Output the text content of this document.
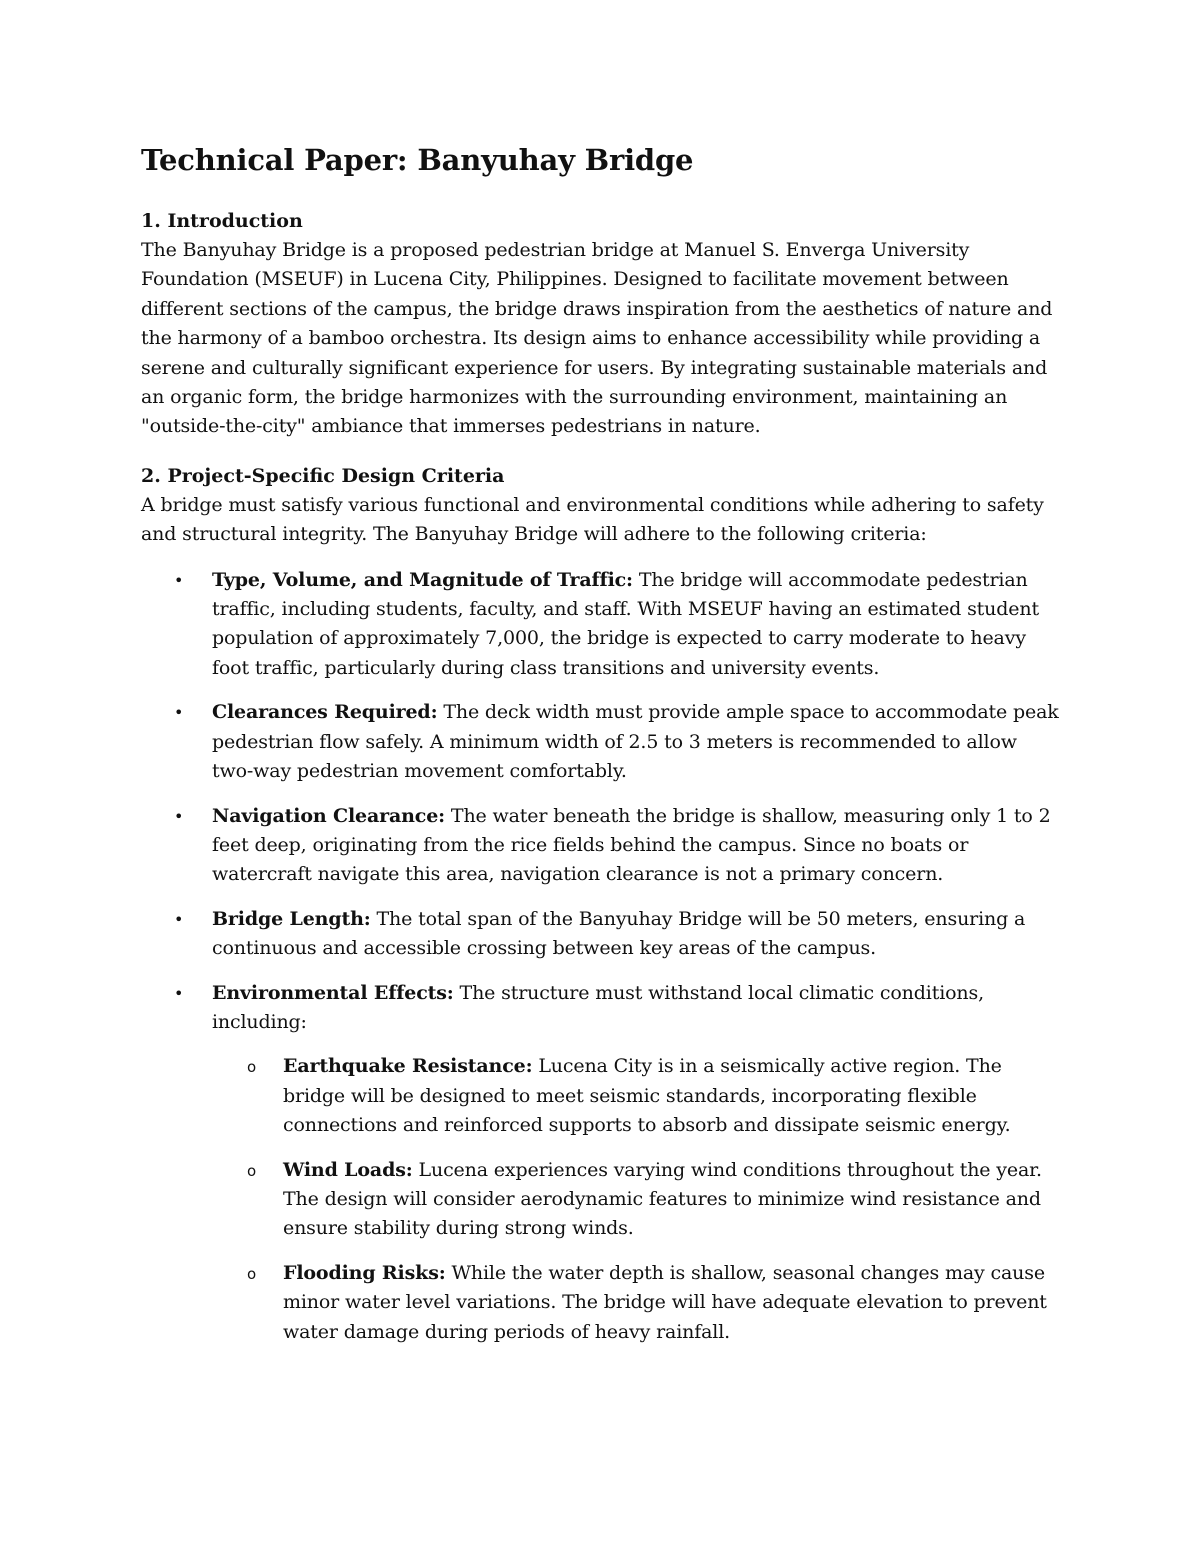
Technical Paper: Banyuhay Bridge

1. Introduction

The Banyuhay Bridge is a proposed pedestrian bridge at Manuel S. Enverga University Foundation (MSEUF) in Lucena City, Philippines. Designed to facilitate movement between different sections of the campus, the bridge draws inspiration from the aesthetics of nature and the harmony of a bamboo orchestra. Its design aims to enhance accessibility while providing a serene and culturally significant experience for users. By integrating sustainable materials and an organic form, the bridge harmonizes with the surrounding environment, maintaining an "outside-the-city" ambiance that immerses pedestrians in nature.

2. Project-Specific Design Criteria

A bridge must satisfy various functional and environmental conditions while adhering to safety and structural integrity. The Banyuhay Bridge will adhere to the following criteria:

• Type, Volume, and Magnitude of Traffic: The bridge will accommodate pedestrian traffic, including students, faculty, and staff. With MSEUF having an estimated student population of approximately 7,000, the bridge is expected to carry moderate to heavy foot traffic, particularly during class transitions and university events.
• Clearances Required: The deck width must provide ample space to accommodate peak pedestrian flow safely. A minimum width of 2.5 to 3 meters is recommended to allow two-way pedestrian movement comfortably.
• Navigation Clearance: The water beneath the bridge is shallow, measuring only 1 to 2 feet deep, originating from the rice fields behind the campus. Since no boats or watercraft navigate this area, navigation clearance is not a primary concern.
• Bridge Length: The total span of the Banyuhay Bridge will be 50 meters, ensuring a continuous and accessible crossing between key areas of the campus.
• Environmental Effects: The structure must withstand local climatic conditions, including:
o Earthquake Resistance: Lucena City is in a seismically active region. The bridge will be designed to meet seismic standards, incorporating flexible connections and reinforced supports to absorb and dissipate seismic energy.
o Wind Loads: Lucena experiences varying wind conditions throughout the year. The design will consider aerodynamic features to minimize wind resistance and ensure stability during strong winds.
o Flooding Risks: While the water depth is shallow, seasonal changes may cause minor water level variations. The bridge will have adequate elevation to prevent water damage during periods of heavy rainfall.
